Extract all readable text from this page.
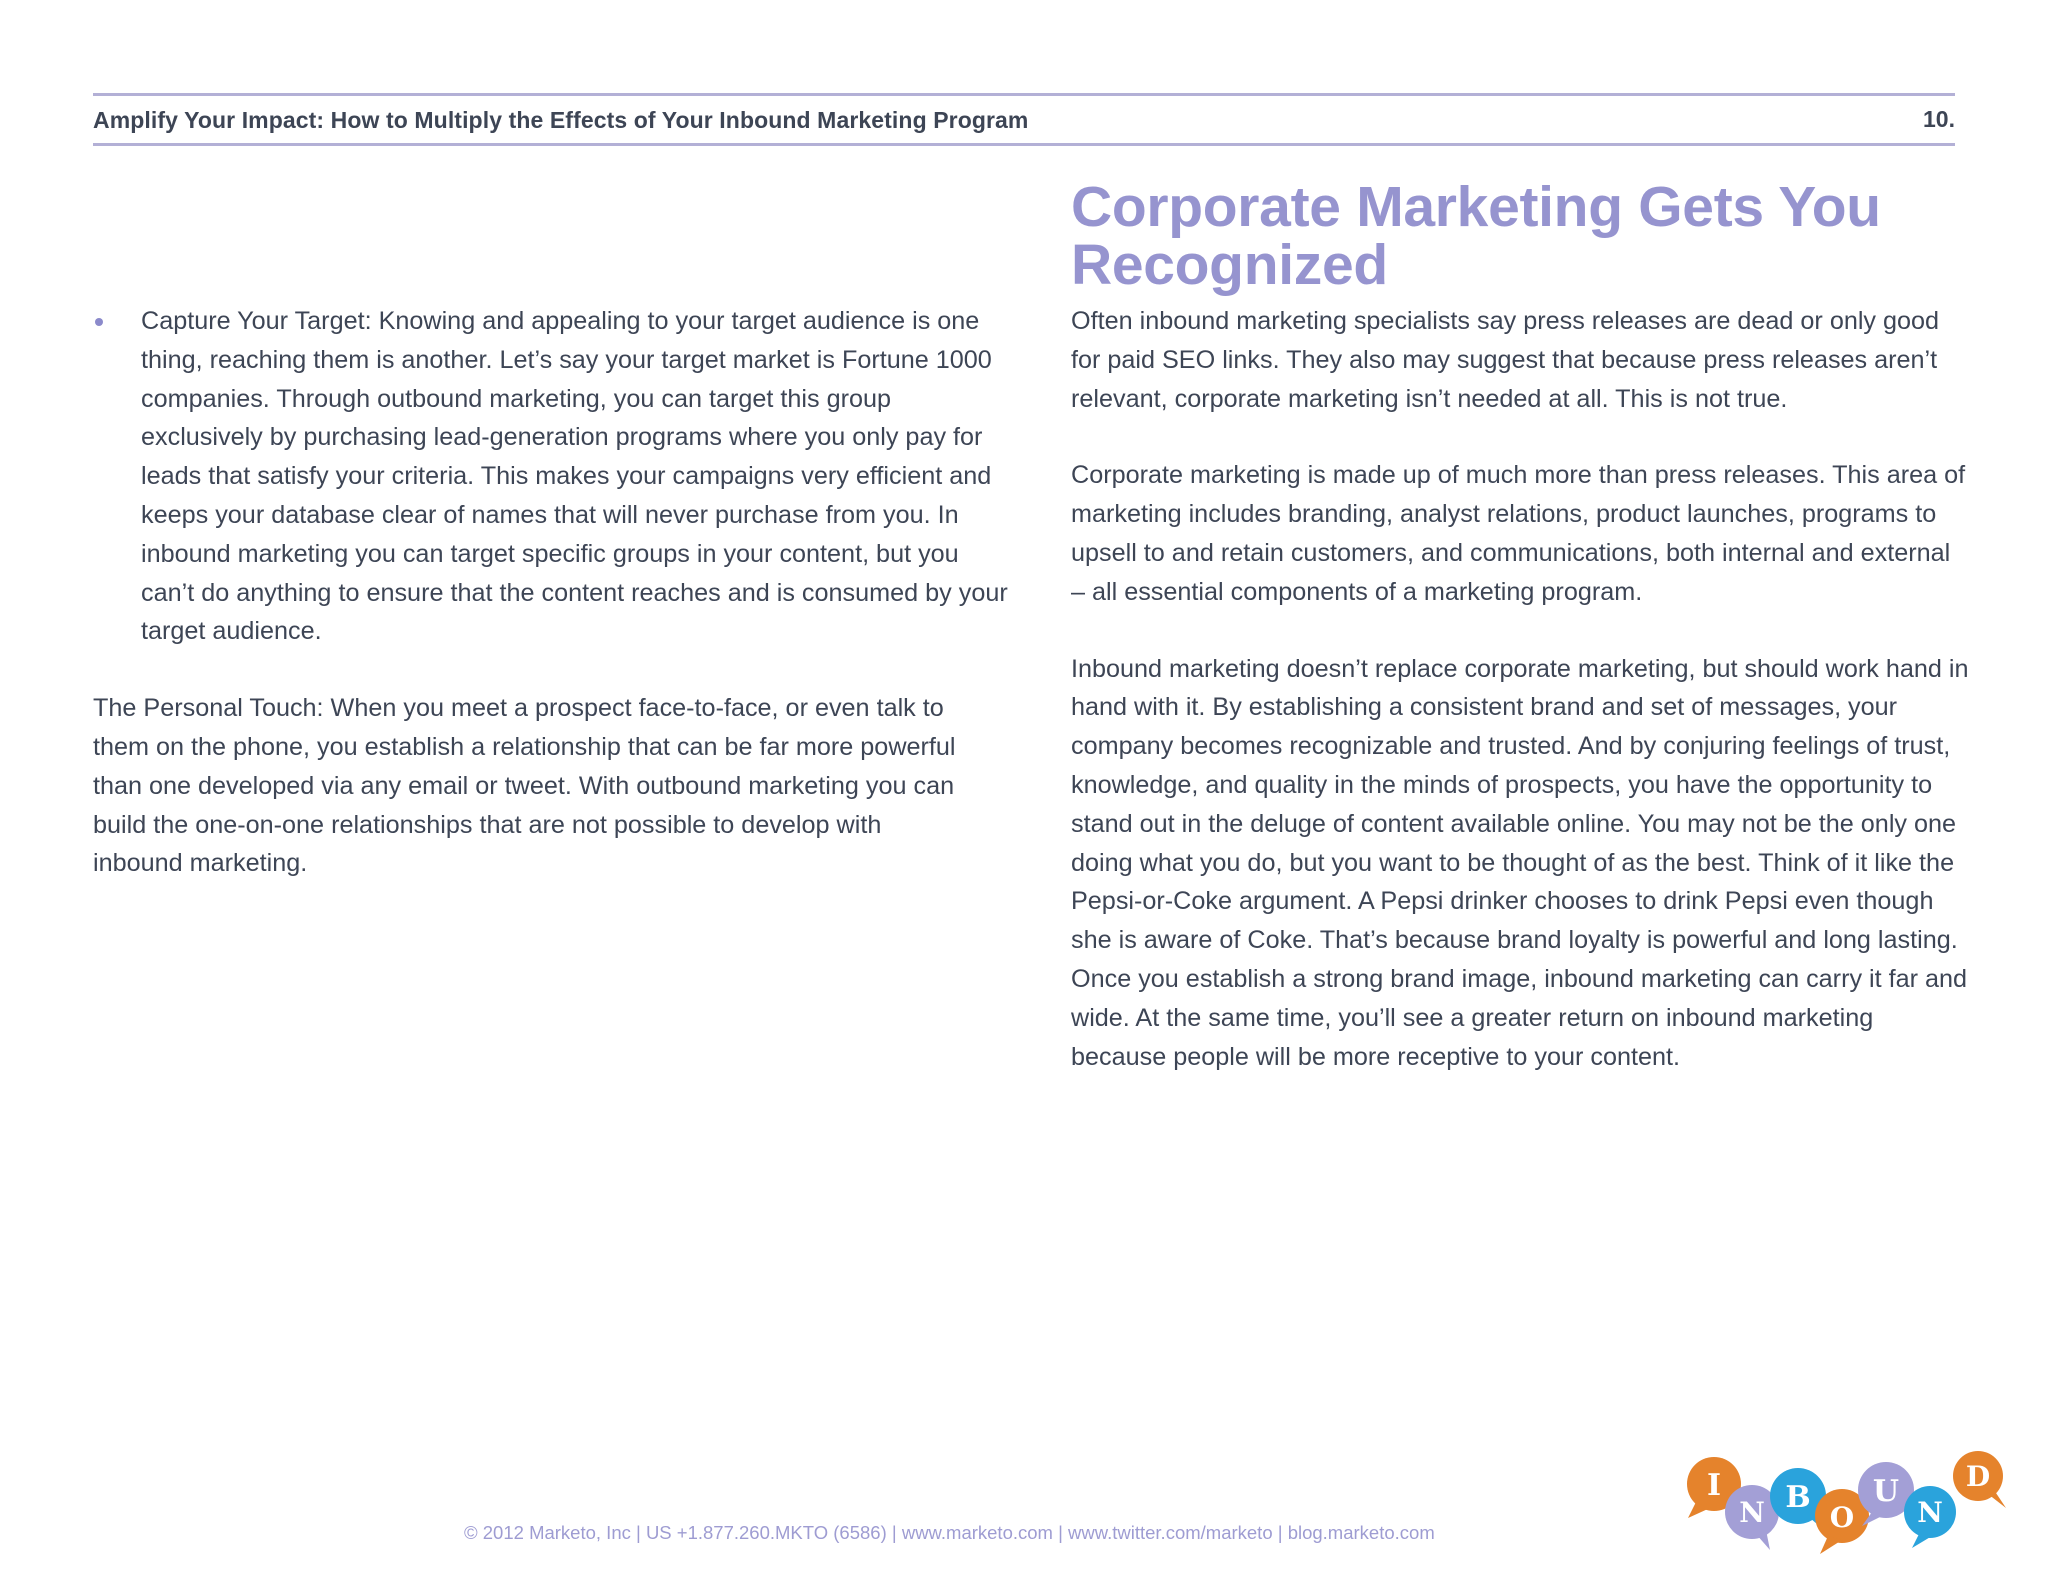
Amplify Your Impact: How to Multiply the Effects of Your Inbound Marketing Program	10.

Capture Your Target: Knowing and appealing to your target audience is one thing, reaching them is another. Let’s say your target market is Fortune 1000 companies. Through outbound marketing, you can target this group exclusively by purchasing lead-generation programs where you only pay for leads that satisfy your criteria. This makes your campaigns very efficient and keeps your database clear of names that will never purchase from you. In inbound marketing you can target specific groups in your content, but you can’t do anything to ensure that the content reaches and is consumed by your target audience.

The Personal Touch: When you meet a prospect face-to-face, or even talk to them on the phone, you establish a relationship that can be far more powerful than one developed via any email or tweet. With outbound marketing you can build the one-on-one relationships that are not possible to develop with inbound marketing.

Corporate Marketing Gets You Recognized

Often inbound marketing specialists say press releases are dead or only good for paid SEO links. They also may suggest that because press releases aren’t relevant, corporate marketing isn’t needed at all. This is not true.

Corporate marketing is made up of much more than press releases. This area of marketing includes branding, analyst relations, product launches, programs to upsell to and retain customers, and communications, both internal and external – all essential components of a marketing program.

Inbound marketing doesn’t replace corporate marketing, but should work hand in hand with it. By establishing a consistent brand and set of messages, your company becomes recognizable and trusted. And by conjuring feelings of trust, knowledge, and quality in the minds of prospects, you have the opportunity to stand out in the deluge of content available online. You may not be the only one doing what you do, but you want to be thought of as the best. Think of it like the Pepsi-or-Coke argument. A Pepsi drinker chooses to drink Pepsi even though she is aware of Coke. That’s because brand loyalty is powerful and long lasting. Once you establish a strong brand image, inbound marketing can carry it far and wide. At the same time, you’ll see a greater return on inbound marketing because people will be more receptive to your content.

© 2012 Marketo, Inc | US +1.877.260.MKTO (6586) | www.marketo.com | www.twitter.com/marketo | blog.marketo.com
I
N B
O
U
N
D
